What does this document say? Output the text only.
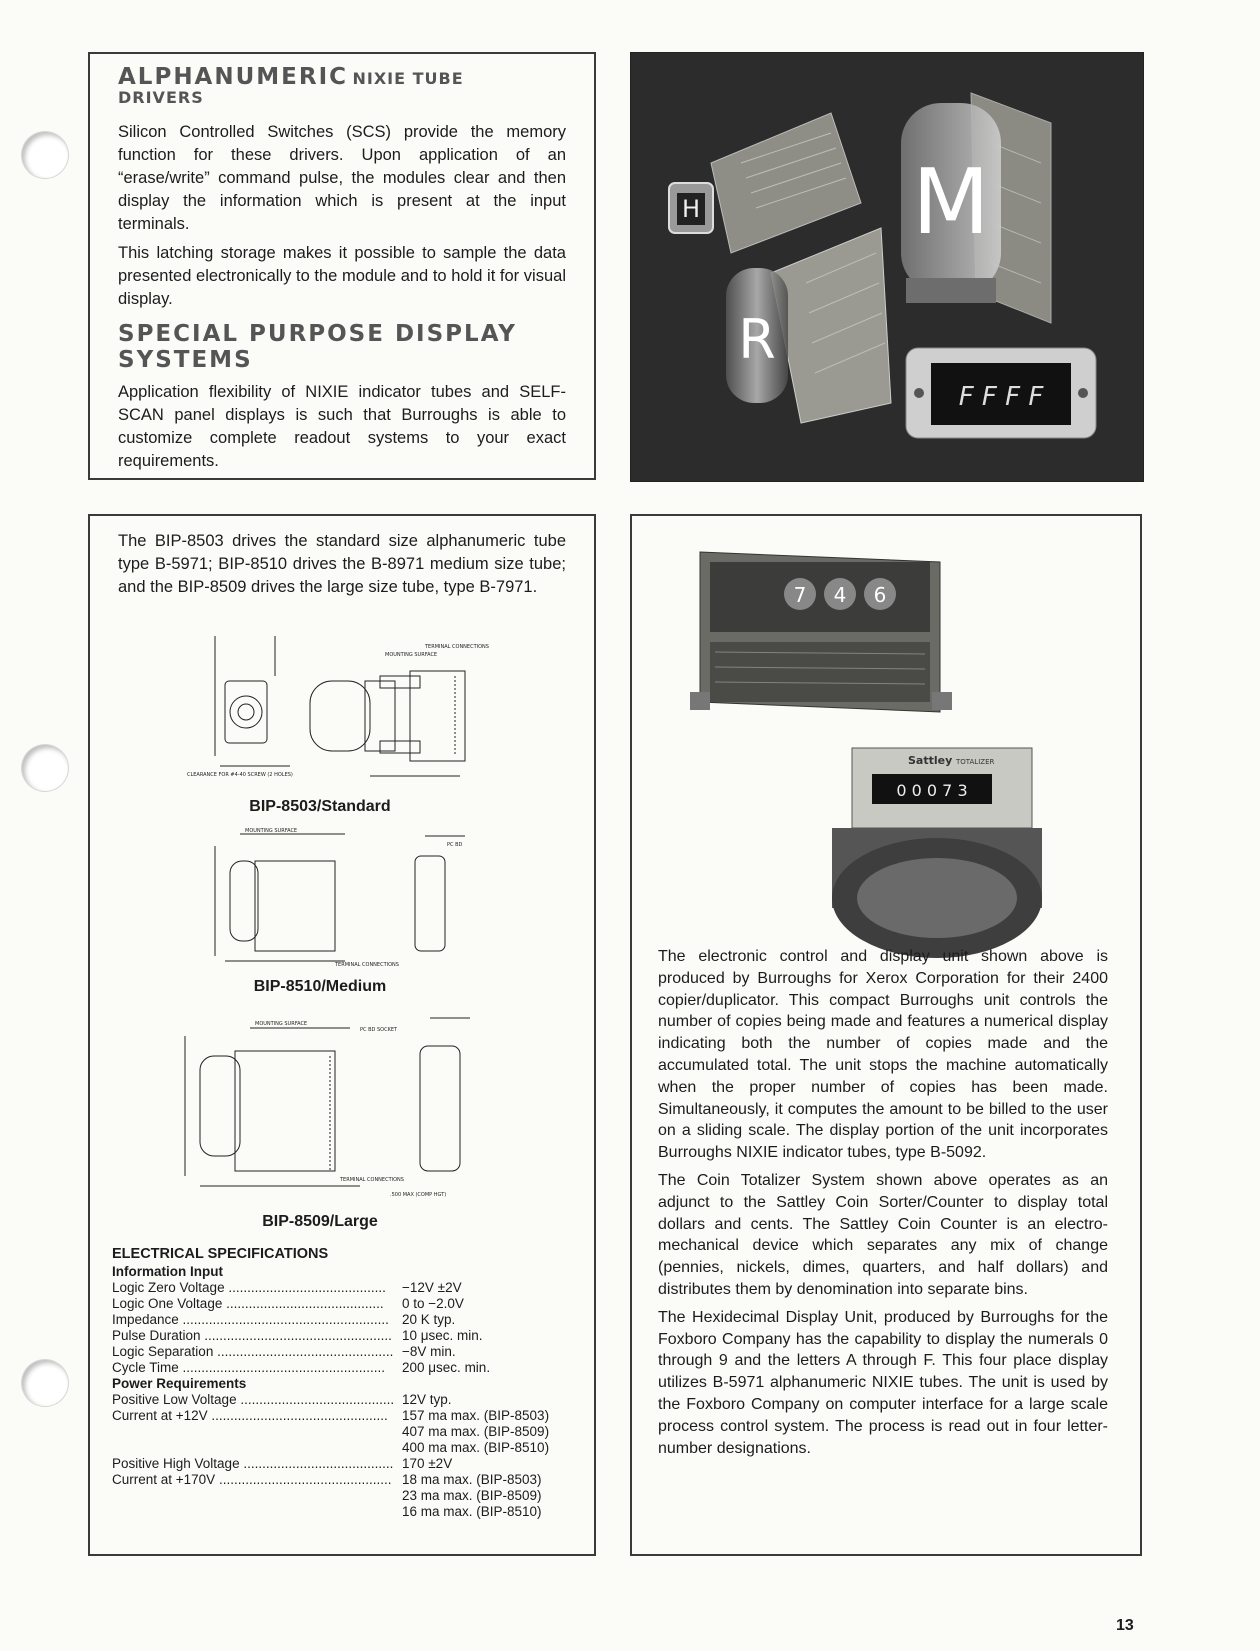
ALPHANUMERIC NIXIE TUBE
DRIVERS

Silicon Controlled Switches (SCS) provide the memory function for these drivers. Upon application of an “erase/write” command pulse, the modules clear and then display the information which is present at the input terminals.

This latching storage makes it possible to sample the data presented electronically to the module and to hold it for visual display.

SPECIAL PURPOSE DISPLAY
SYSTEMS

Application flexibility of NIXIE indicator tubes and SELF-SCAN panel displays is such that Burroughs is able to customize complete readout systems to your exact requirements.

H
R
M
F F F F

The BIP-8503 drives the standard size alphanumeric tube type B-5971; BIP-8510 drives the B-8971 medium size tube; and the BIP-8509 drives the large size tube, type B-7971.

MOUNTING SURFACE
TERMINAL CONNECTIONS
CLEARANCE FOR #4-40 SCREW (2 HOLES)
BIP-8503/Standard
MOUNTING SURFACE
TERMINAL CONNECTIONS
PC BD
BIP-8510/Medium
MOUNTING SURFACE
PC BD SOCKET
TERMINAL CONNECTIONS
.500 MAX (COMP HGT)
BIP-8509/Large
ELECTRICAL SPECIFICATIONS
Information Input
Logic Zero Voltage ..........................................	−12V ±2V
Logic One Voltage ..........................................	0 to −2.0V
Impedance ....................................................... 20 K typ.
Pulse Duration .................................................. 10 μsec. min.
Logic Separation ............................................... −8V min.
Cycle Time ......................................................	200 μsec. min.
Power Requirements
Positive Low Voltage ......................................... 12V typ.
Current at +12V ...............................................	157 ma max. (BIP-8503)
407 ma max. (BIP-8509)
400 ma max. (BIP-8510)
Positive High Voltage ........................................ 170 ±2V
Current at +170V .............................................. 18 ma max. (BIP-8503)
23 ma max. (BIP-8509)
16 ma max. (BIP-8510)
7 4 6
Sattley TOTALIZER
0 0 0 7 3

The electronic control and display unit shown above is produced by Burroughs for Xerox Corporation for their 2400 copier/duplicator. This compact Burroughs unit controls the number of copies being made and features a numerical display indicating both the number of copies made and the accumulated total. The unit stops the machine automatically when the proper number of copies has been made. Simultaneously, it computes the amount to be billed to the user on a sliding scale. The display portion of the unit incorporates Burroughs NIXIE indicator tubes, type B-5092.

The Coin Totalizer System shown above operates as an adjunct to the Sattley Coin Sorter/Counter to display total dollars and cents. The Sattley Coin Counter is an electro-mechanical device which separates any mix of change (pennies, nickels, dimes, quarters, and half dollars) and distributes them by denomination into separate bins.

The Hexidecimal Display Unit, produced by Burroughs for the Foxboro Company has the capability to display the numerals 0 through 9 and the letters A through F. This four place display utilizes B-5971 alphanumeric NIXIE tubes. The unit is used by the Foxboro Company on computer interface for a large scale process control system. The process is read out in four letter-number designations.

13
